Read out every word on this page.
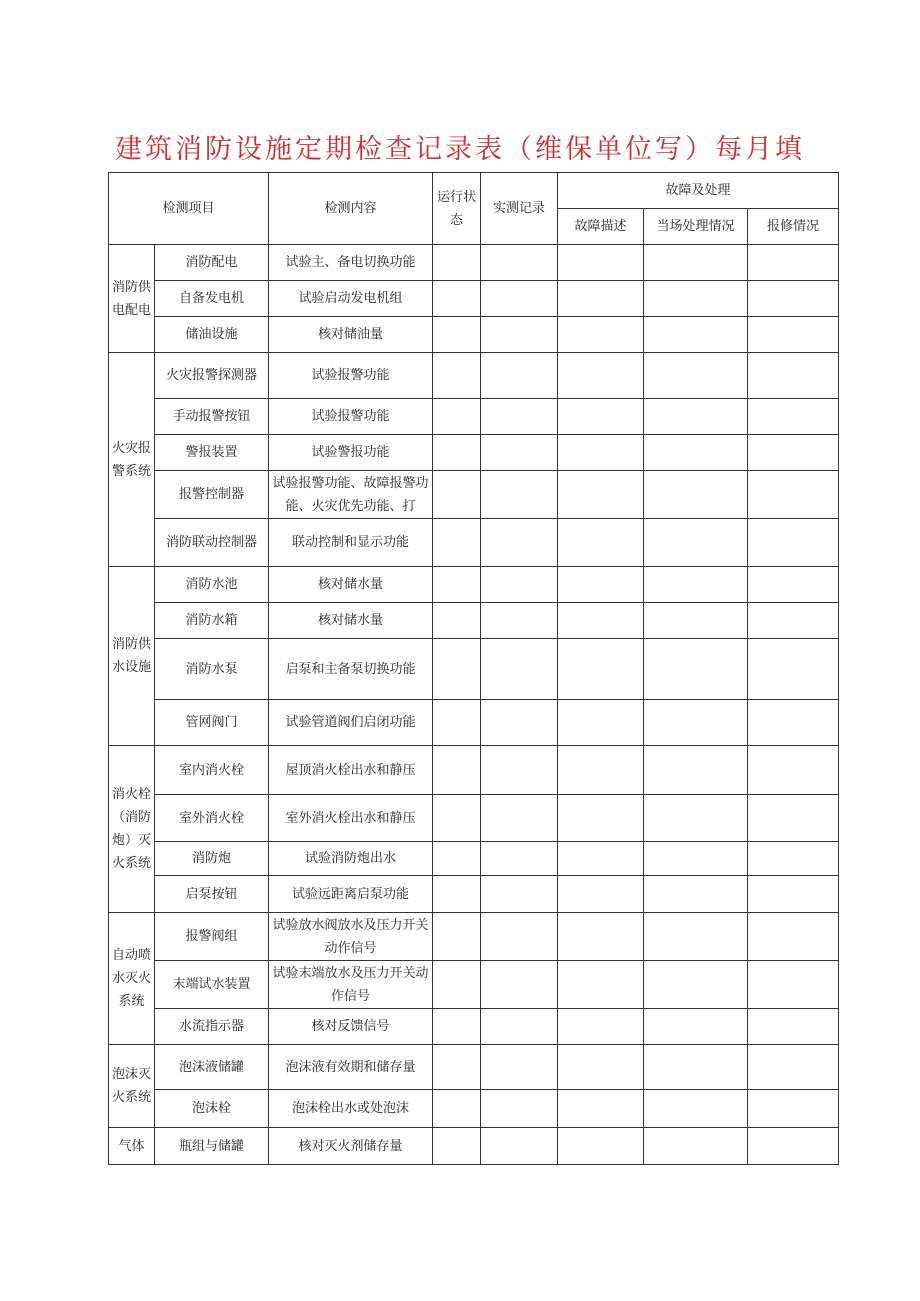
建筑消防设施定期检查记录表（维保单位写）每月填
检测项目		检测内容	运行状态	实测记录	故障及处理		
					故障描述	当场处理情况	报修情况
消防供电配电	消防配电	试验主、备电切换功能					
	自备发电机	试验启动发电机组					
	储油设施	核对储油量					
火灾报警系统	火灾报警探测器	试验报警功能					
	手动报警按钮	试验报警功能					
	警报装置	试验警报功能					
	报警控制器	试验报警功能、故障报警功能、火灾优先功能、打					
	消防联动控制器	联动控制和显示功能					
消防供水设施	消防水池	核对储水量					
	消防水箱	核对储水量					
	消防水泵	启泵和主备泵切换功能					
	管网阀门	试验管道阀们启闭功能					
消火栓（消防炮）灭火系统	室内消火栓	屋顶消火栓出水和静压					
	室外消火栓	室外消火栓出水和静压					
	消防炮	试验消防炮出水					
	启泵按钮	试验远距离启泵功能					
自动喷水灭火系统	报警阀组	试验放水阀放水及压力开关动作信号					
	末端试水装置	试验末端放水及压力开关动作信号					
	水流指示器	核对反馈信号					
泡沫灭火系统	泡沫液储罐	泡沫液有效期和储存量					
	泡沫栓	泡沫栓出水或处泡沫					
气体	瓶组与储罐	核对灭火剂储存量					
